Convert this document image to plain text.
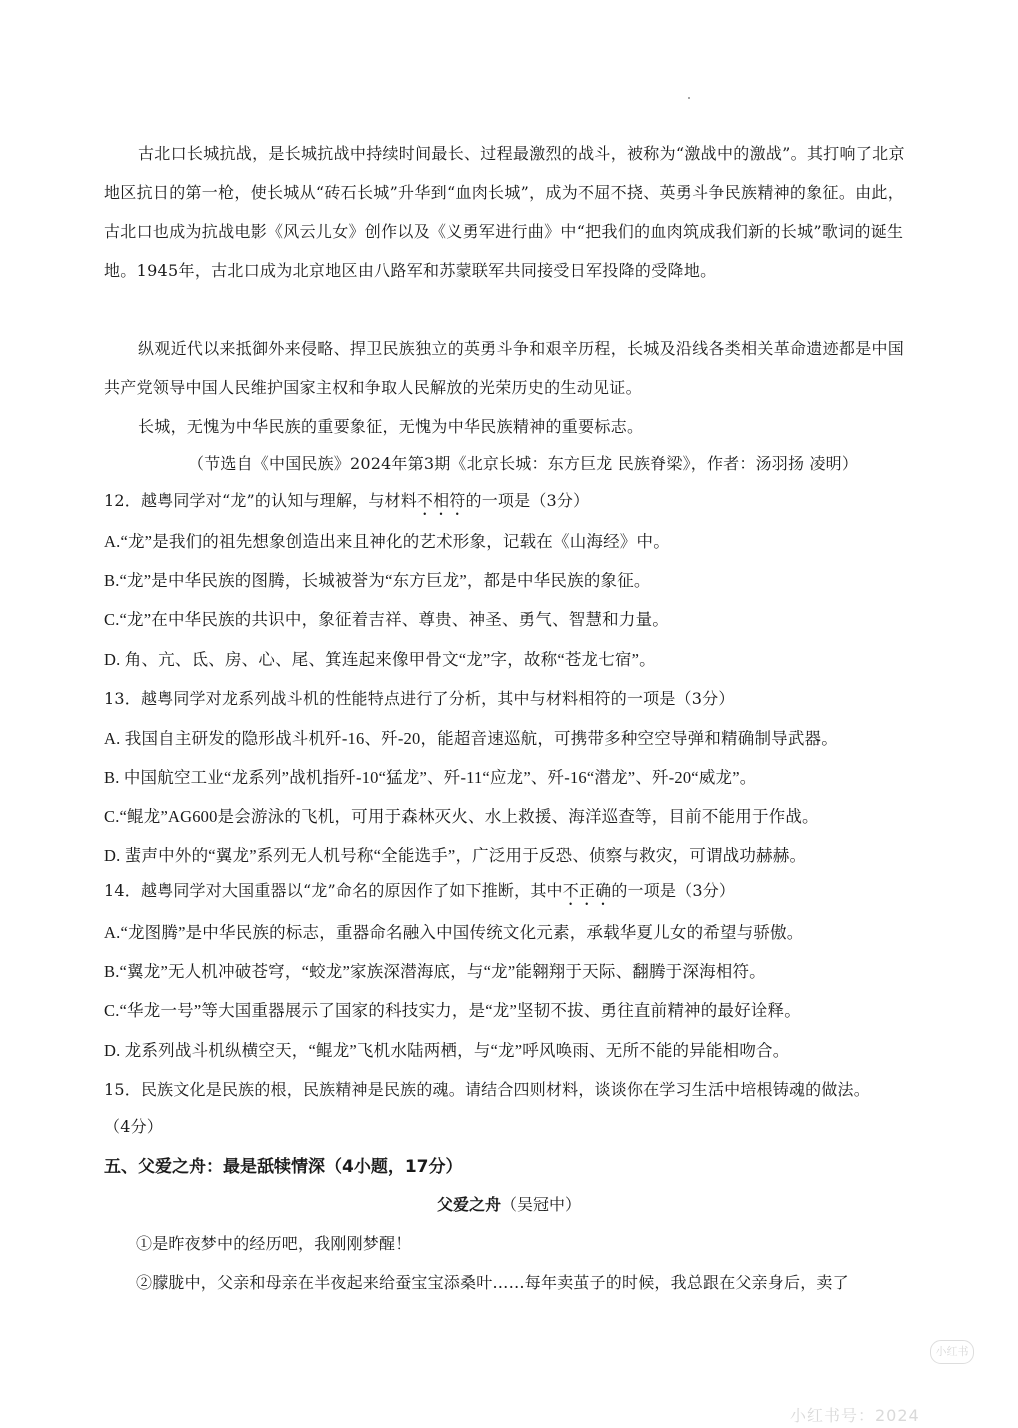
古北口长城抗战，是长城抗战中持续时间最长、过程最激烈的战斗，被称为“激战中的激战”。其打响了北京地区抗日的第一枪，使长城从“砖石长城”升华到“血肉长城”，成为不屈不挠、英勇斗争民族精神的象征。由此，古北口也成为抗战电影《风云儿女》创作以及《义勇军进行曲》中“把我们的血肉筑成我们新的长城”歌词的诞生地。1945年，古北口成为北京地区由八路军和苏蒙联军共同接受日军投降的受降地。

纵观近代以来抵御外来侵略、捍卫民族独立的英勇斗争和艰辛历程，长城及沿线各类相关革命遗迹都是中国共产党领导中国人民维护国家主权和争取人民解放的光荣历史的生动见证。

长城，无愧为中华民族的重要象征，无愧为中华民族精神的重要标志。

（节选自《中国民族》2024年第3期《北京长城：东方巨龙 民族脊梁》，作者：汤羽扬 凌明）
12．越粤同学对“龙”的认知与理解，与材料不相符的一项是（3分）
A.“龙”是我们的祖先想象创造出来且神化的艺术形象，记载在《山海经》中。
B.“龙”是中华民族的图腾，长城被誉为“东方巨龙”，都是中华民族的象征。
C.“龙”在中华民族的共识中，象征着吉祥、尊贵、神圣、勇气、智慧和力量。
D. 角、亢、氐、房、心、尾、箕连起来像甲骨文“龙”字，故称“苍龙七宿”。
13．越粤同学对龙系列战斗机的性能特点进行了分析，其中与材料相符的一项是（3分）
A. 我国自主研发的隐形战斗机歼-16、歼-20，能超音速巡航，可携带多种空空导弹和精确制导武器。
B. 中国航空工业“龙系列”战机指歼-10“猛龙”、歼-11“应龙”、歼-16“潜龙”、歼-20“威龙”。
C.“鲲龙”AG600是会游泳的飞机，可用于森林灭火、水上救援、海洋巡查等，目前不能用于作战。
D. 蜚声中外的“翼龙”系列无人机号称“全能选手”，广泛用于反恐、侦察与救灾，可谓战功赫赫。
14．越粤同学对大国重器以“龙”命名的原因作了如下推断，其中不正确的一项是（3分）
A.“龙图腾”是中华民族的标志，重器命名融入中国传统文化元素，承载华夏儿女的希望与骄傲。
B.“翼龙”无人机冲破苍穹，“蛟龙”家族深潜海底，与“龙”能翱翔于天际、翻腾于深海相符。
C.“华龙一号”等大国重器展示了国家的科技实力，是“龙”坚韧不拔、勇往直前精神的最好诠释。
D. 龙系列战斗机纵横空天，“鲲龙”飞机水陆两栖，与“龙”呼风唤雨、无所不能的异能相吻合。
15．民族文化是民族的根，民族精神是民族的魂。请结合四则材料，谈谈你在学习生活中培根铸魂的做法。
（4分）
五、父爱之舟：最是舐犊情深（4小题，17分）
父爱之舟（吴冠中）
①是昨夜梦中的经历吧，我刚刚梦醒！
②朦胧中，父亲和母亲在半夜起来给蚕宝宝添桑叶……每年卖茧子的时候，我总跟在父亲身后，卖了
小红书
小红书号：2024
